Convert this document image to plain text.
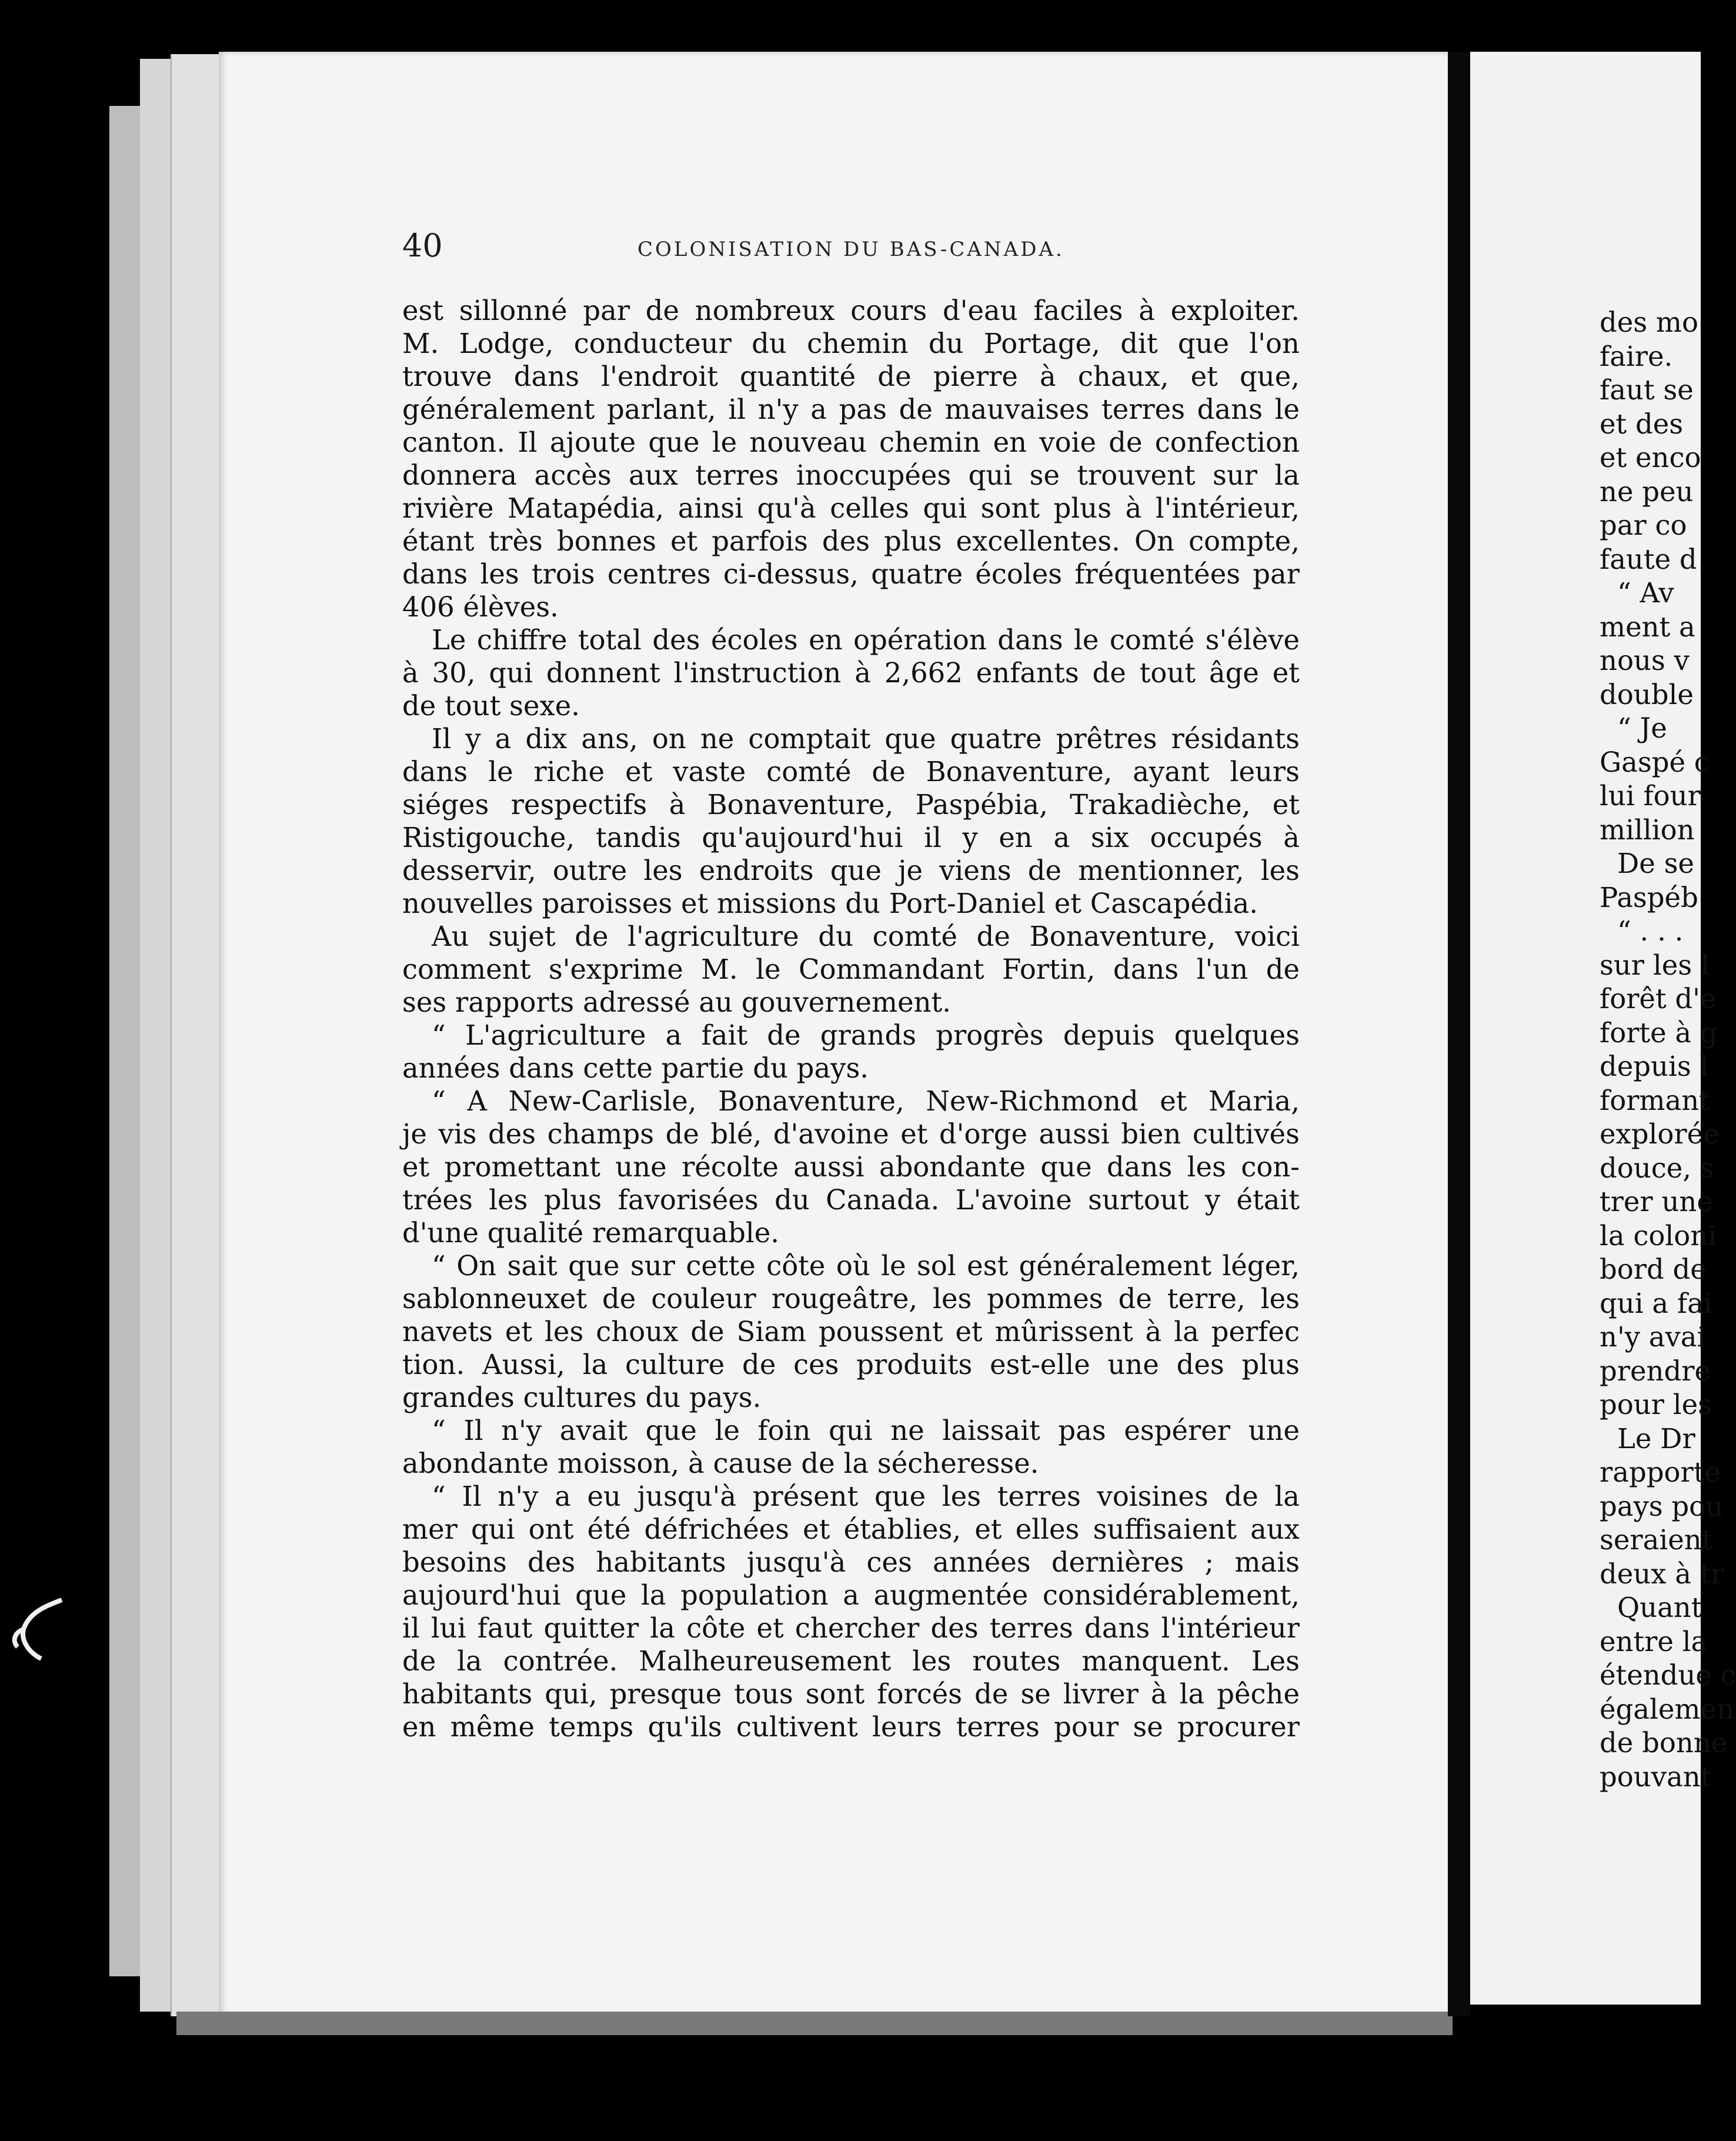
40	COLONISATION DU BAS-CANADA.
est sillonné par de nombreux cours d'eau faciles à exploiter.
M. Lodge, conducteur du chemin du Portage, dit que l'on
trouve dans l'endroit quantité de pierre à chaux, et que,
généralement parlant, il n'y a pas de mauvaises terres dans le
canton. Il ajoute que le nouveau chemin en voie de confection
donnera accès aux terres inoccupées qui se trouvent sur la
rivière Matapédia, ainsi qu'à celles qui sont plus à l'intérieur,
étant très bonnes et parfois des plus excellentes. On compte,
dans les trois centres ci-dessus, quatre écoles fréquentées par
406 élèves.
Le chiffre total des écoles en opération dans le comté s'élève
à 30, qui donnent l'instruction à 2,662 enfants de tout âge et
de tout sexe.
Il y a dix ans, on ne comptait que quatre prêtres résidants
dans le riche et vaste comté de Bonaventure, ayant leurs
siéges respectifs à Bonaventure, Paspébia, Trakadièche, et
Ristigouche, tandis qu'aujourd'hui il y en a six occupés à
desservir, outre les endroits que je viens de mentionner, les
nouvelles paroisses et missions du Port-Daniel et Cascapédia.
Au sujet de l'agriculture du comté de Bonaventure, voici
comment s'exprime M. le Commandant Fortin, dans l'un de
ses rapports adressé au gouvernement.
“ L'agriculture a fait de grands progrès depuis quelques
années dans cette partie du pays.
“ A New-Carlisle, Bonaventure, New-Richmond et Maria,
je vis des champs de blé, d'avoine et d'orge aussi bien cultivés
et promettant une récolte aussi abondante que dans les con-
trées les plus favorisées du Canada. L'avoine surtout y était
d'une qualité remarquable.
“ On sait que sur cette côte où le sol est généralement léger,
sablonneuxet de couleur rougeâtre, les pommes de terre, les
navets et les choux de Siam poussent et mûrissent à la perfec
tion. Aussi, la culture de ces produits est-elle une des plus
grandes cultures du pays.
“ Il n'y avait que le foin qui ne laissait pas espérer une
abondante moisson, à cause de la sécheresse.
“ Il n'y a eu jusqu'à présent que les terres voisines de la
mer qui ont été défrichées et établies, et elles suffisaient aux
besoins des habitants jusqu'à ces années dernières ; mais
aujourd'hui que la population a augmentée considérablement,
il lui faut quitter la côte et chercher des terres dans l'intérieur
de la contrée. Malheureusement les routes manquent. Les
habitants qui, presque tous sont forcés de se livrer à la pêche
en même temps qu'ils cultivent leurs terres pour se procurer
des mo
faire.
faut se
et des
et enco
ne peu
par co
faute d
“ Av
ment a
nous v
double
“ Je
Gaspé c
lui four
million
De se
Paspéb
“ . . .
sur les l
forêt d'e
forte à g
depuis l
formant
explorée
douce, s
trer une
la coloni
bord de
qui a fai
n'y avai
prendre
pour les
Le Dr
rapporte
pays pou
seraient
deux à tr
Quant
entre la
étendue c
égalemen
de bonne
pouvant
